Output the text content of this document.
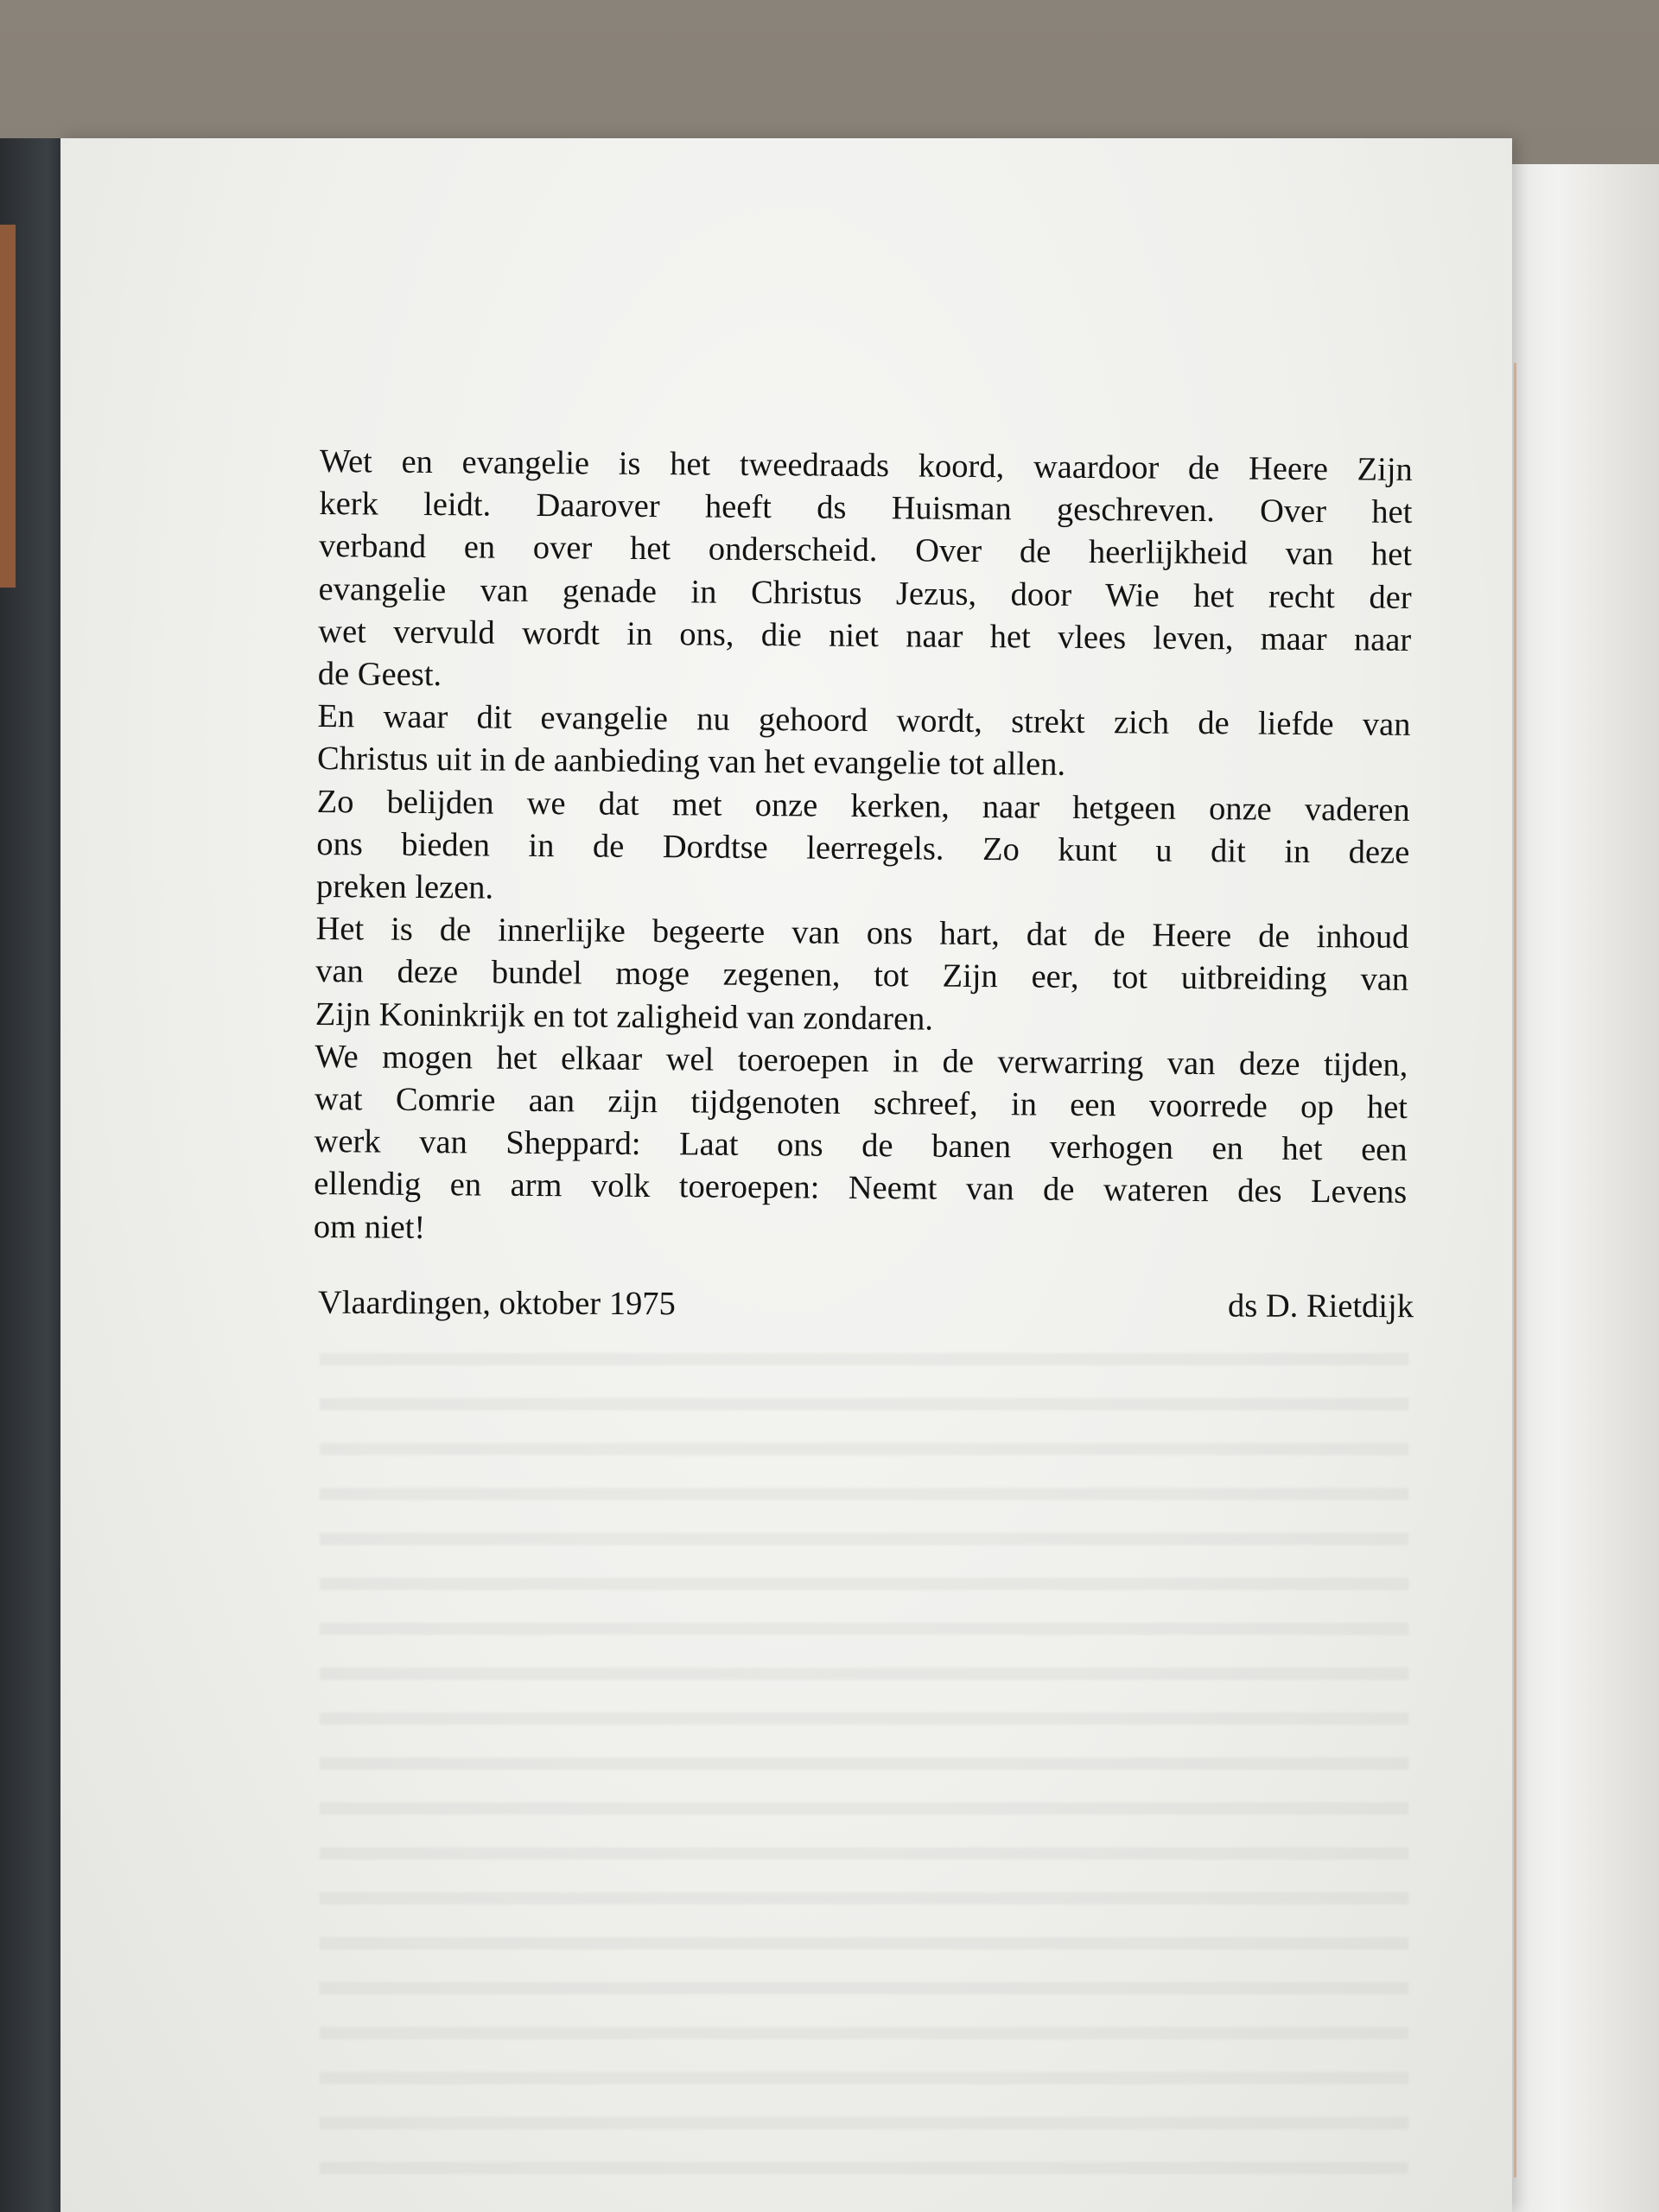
Wet en evangelie is het tweedraads koord, waardoor de Heere Zijn
kerk leidt. Daarover heeft ds Huisman geschreven. Over het
verband en over het onderscheid. Over de heerlijkheid van het
evangelie van genade in Christus Jezus, door Wie het recht der
wet vervuld wordt in ons, die niet naar het vlees leven, maar naar
de Geest.
En waar dit evangelie nu gehoord wordt, strekt zich de liefde van
Christus uit in de aanbieding van het evangelie tot allen.
Zo belijden we dat met onze kerken, naar hetgeen onze vaderen
ons bieden in de Dordtse leerregels. Zo kunt u dit in deze
preken lezen.
Het is de innerlijke begeerte van ons hart, dat de Heere de inhoud
van deze bundel moge zegenen, tot Zijn eer, tot uitbreiding van
Zijn Koninkrijk en tot zaligheid van zondaren.
We mogen het elkaar wel toeroepen in de verwarring van deze tijden,
wat Comrie aan zijn tijdgenoten schreef, in een voorrede op het
werk van Sheppard: Laat ons de banen verhogen en het een
ellendig en arm volk toeroepen: Neemt van de wateren des Levens
om niet!
Vlaardingen, oktober 1975	ds D. Rietdijk
